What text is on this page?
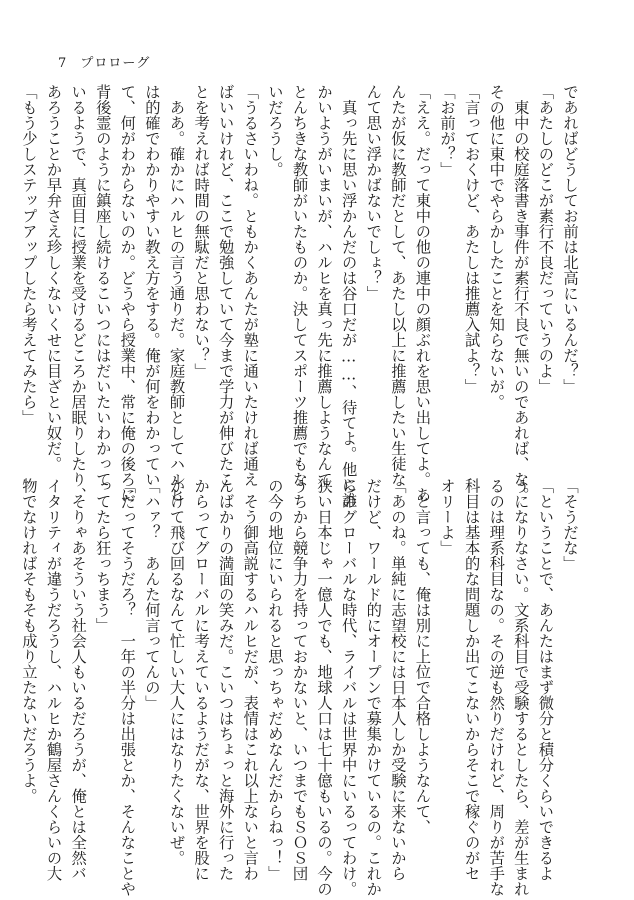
7 プロローグ
であればどうしてお前は北高にいるんだ？」
「あたしのどこが素行不良だっていうのよ」
　東中の校庭落書き事件が素行不良で無いのであれば、な。
その他に東中でやらかしたことを知らないが。
「言っておくけど、あたしは推薦入試よ？」
「お前が？」
「ええ。だって東中の他の連中の顔ぶれを思い出してよ。あ
んたが仮に教師だとして、あたし以上に推薦したい生徒な
んて思い浮かばないでしょ？」
　真っ先に思い浮かんだのは谷口だが……、待てよ。他に誰
かいようがいまいが、ハルヒを真っ先に推薦しようなんて
とんちきな教師がいたものか。決してスポーツ推薦でもな
いだろうし。
「うるさいわね。ともかくあんたが塾に通いたければ通え
ばいいけれど、ここで勉強していて今まで学力が伸びたこ
とを考えれば時間の無駄だと思わない？」
　ああ。確かにハルヒの言う通りだ。家庭教師としてハルヒ
は的確でわかりやすい教え方をする。俺が何をわかってい
て、何がわからないのか。どうやら授業中、常に俺の後ろに
背後霊のように鎮座し続けるこいつにはだいたいわかって
いるようで、真面目に授業を受けるどころか居眠りしたり、
あろうことか早弁さえ珍しくないくせに目ざとい奴だ。
「もう少しステップアップしたら考えてみたら」
「そうだな」
「ということで、あんたはまず微分と積分くらいできるよ
うになりなさい。文系科目で受験するとしたら、差が生まれ
るのは理系科目なの。その逆も然りだけれど、周りが苦手な
科目は基本的な問題しか出てこないからそこで稼ぐのがセ
オリーよ」
　と言っても、俺は別に上位で合格しようなんて、
「あのね。単純に志望校には日本人しか受験に来ないから
だけど、ワールド的にオープンで募集かけているの。これか
らのグローバルな時代、ライバルは世界中にいるってわけ。
狭い日本じゃ一億人でも、地球人口は七十億もいるの。今の
うちから競争力を持っておかないと、いつまでもＳＯＳ団
の今の地位にいられると思っちゃだめなんだからねっ！」
　そう御高説するハルヒだが、表情はこれ以上ないと言わ
んばかりの満面の笑みだ。こいつはちょっと海外に行った
からってグローバルに考えているようだがな、世界を股に
かけて飛び回るなんて忙しい大人にはなりたくないぜ。
「ハァ？　あんた何言ってんの」
「だってそうだろ？　一年の半分は出張とか、そんなことや
ってたら狂っちまう」
　そりゃあそういう社会人もいるだろうが、俺とは全然バ
イタリティが違うだろうし、ハルヒか鶴屋さんくらいの大
物でなければそもそも成り立たないだろうよ。
